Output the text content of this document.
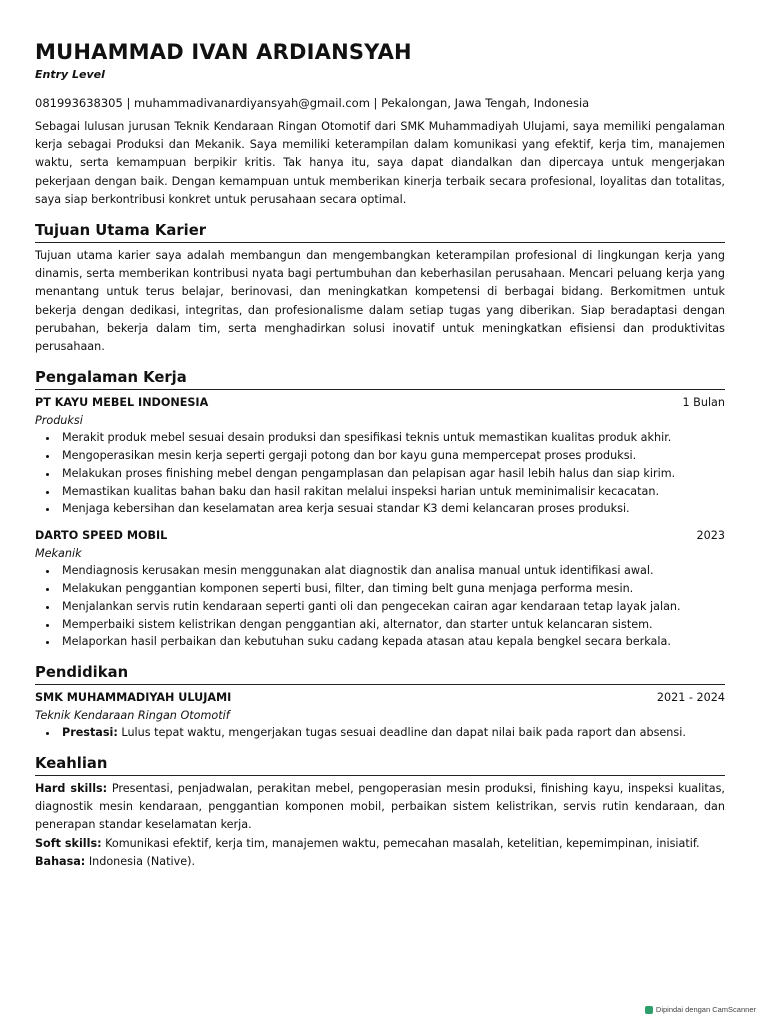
MUHAMMAD IVAN ARDIANSYAH
Entry Level
081993638305 | muhammadivanardiyansyah@gmail.com | Pekalongan, Jawa Tengah, Indonesia
Sebagai lulusan jurusan Teknik Kendaraan Ringan Otomotif dari SMK Muhammadiyah Ulujami, saya memiliki pengalaman kerja sebagai Produksi dan Mekanik. Saya memiliki keterampilan dalam komunikasi yang efektif, kerja tim, manajemen waktu, serta kemampuan berpikir kritis. Tak hanya itu, saya dapat diandalkan dan dipercaya untuk mengerjakan pekerjaan dengan baik. Dengan kemampuan untuk memberikan kinerja terbaik secara profesional, loyalitas dan totalitas, saya siap berkontribusi konkret untuk perusahaan secara optimal.
Tujuan Utama Karier
Tujuan utama karier saya adalah membangun dan mengembangkan keterampilan profesional di lingkungan kerja yang dinamis, serta memberikan kontribusi nyata bagi pertumbuhan dan keberhasilan perusahaan. Mencari peluang kerja yang menantang untuk terus belajar, berinovasi, dan meningkatkan kompetensi di berbagai bidang. Berkomitmen untuk bekerja dengan dedikasi, integritas, dan profesionalisme dalam setiap tugas yang diberikan. Siap beradaptasi dengan perubahan, bekerja dalam tim, serta menghadirkan solusi inovatif untuk meningkatkan efisiensi dan produktivitas perusahaan.
Pengalaman Kerja
PT KAYU MEBEL INDONESIA	1 Bulan
Produksi
• Merakit produk mebel sesuai desain produksi dan spesifikasi teknis untuk memastikan kualitas produk akhir.
• Mengoperasikan mesin kerja seperti gergaji potong dan bor kayu guna mempercepat proses produksi.
• Melakukan proses finishing mebel dengan pengamplasan dan pelapisan agar hasil lebih halus dan siap kirim.
• Memastikan kualitas bahan baku dan hasil rakitan melalui inspeksi harian untuk meminimalisir kecacatan.
• Menjaga kebersihan dan keselamatan area kerja sesuai standar K3 demi kelancaran proses produksi.
DARTO SPEED MOBIL	2023
Mekanik
• Mendiagnosis kerusakan mesin menggunakan alat diagnostik dan analisa manual untuk identifikasi awal.
• Melakukan penggantian komponen seperti busi, filter, dan timing belt guna menjaga performa mesin.
• Menjalankan servis rutin kendaraan seperti ganti oli dan pengecekan cairan agar kendaraan tetap layak jalan.
• Memperbaiki sistem kelistrikan dengan penggantian aki, alternator, dan starter untuk kelancaran sistem.
• Melaporkan hasil perbaikan dan kebutuhan suku cadang kepada atasan atau kepala bengkel secara berkala.
Pendidikan
SMK MUHAMMADIYAH ULUJAMI	2021 - 2024
Teknik Kendaraan Ringan Otomotif
• Prestasi: Lulus tepat waktu, mengerjakan tugas sesuai deadline dan dapat nilai baik pada raport dan absensi.
Keahlian
Hard skills: Presentasi, penjadwalan, perakitan mebel, pengoperasian mesin produksi, finishing kayu, inspeksi kualitas, diagnostik mesin kendaraan, penggantian komponen mobil, perbaikan sistem kelistrikan, servis rutin kendaraan, dan penerapan standar keselamatan kerja.
Soft skills: Komunikasi efektif, kerja tim, manajemen waktu, pemecahan masalah, ketelitian, kepemimpinan, inisiatif.
Bahasa: Indonesia (Native).
Dipindai dengan CamScanner
